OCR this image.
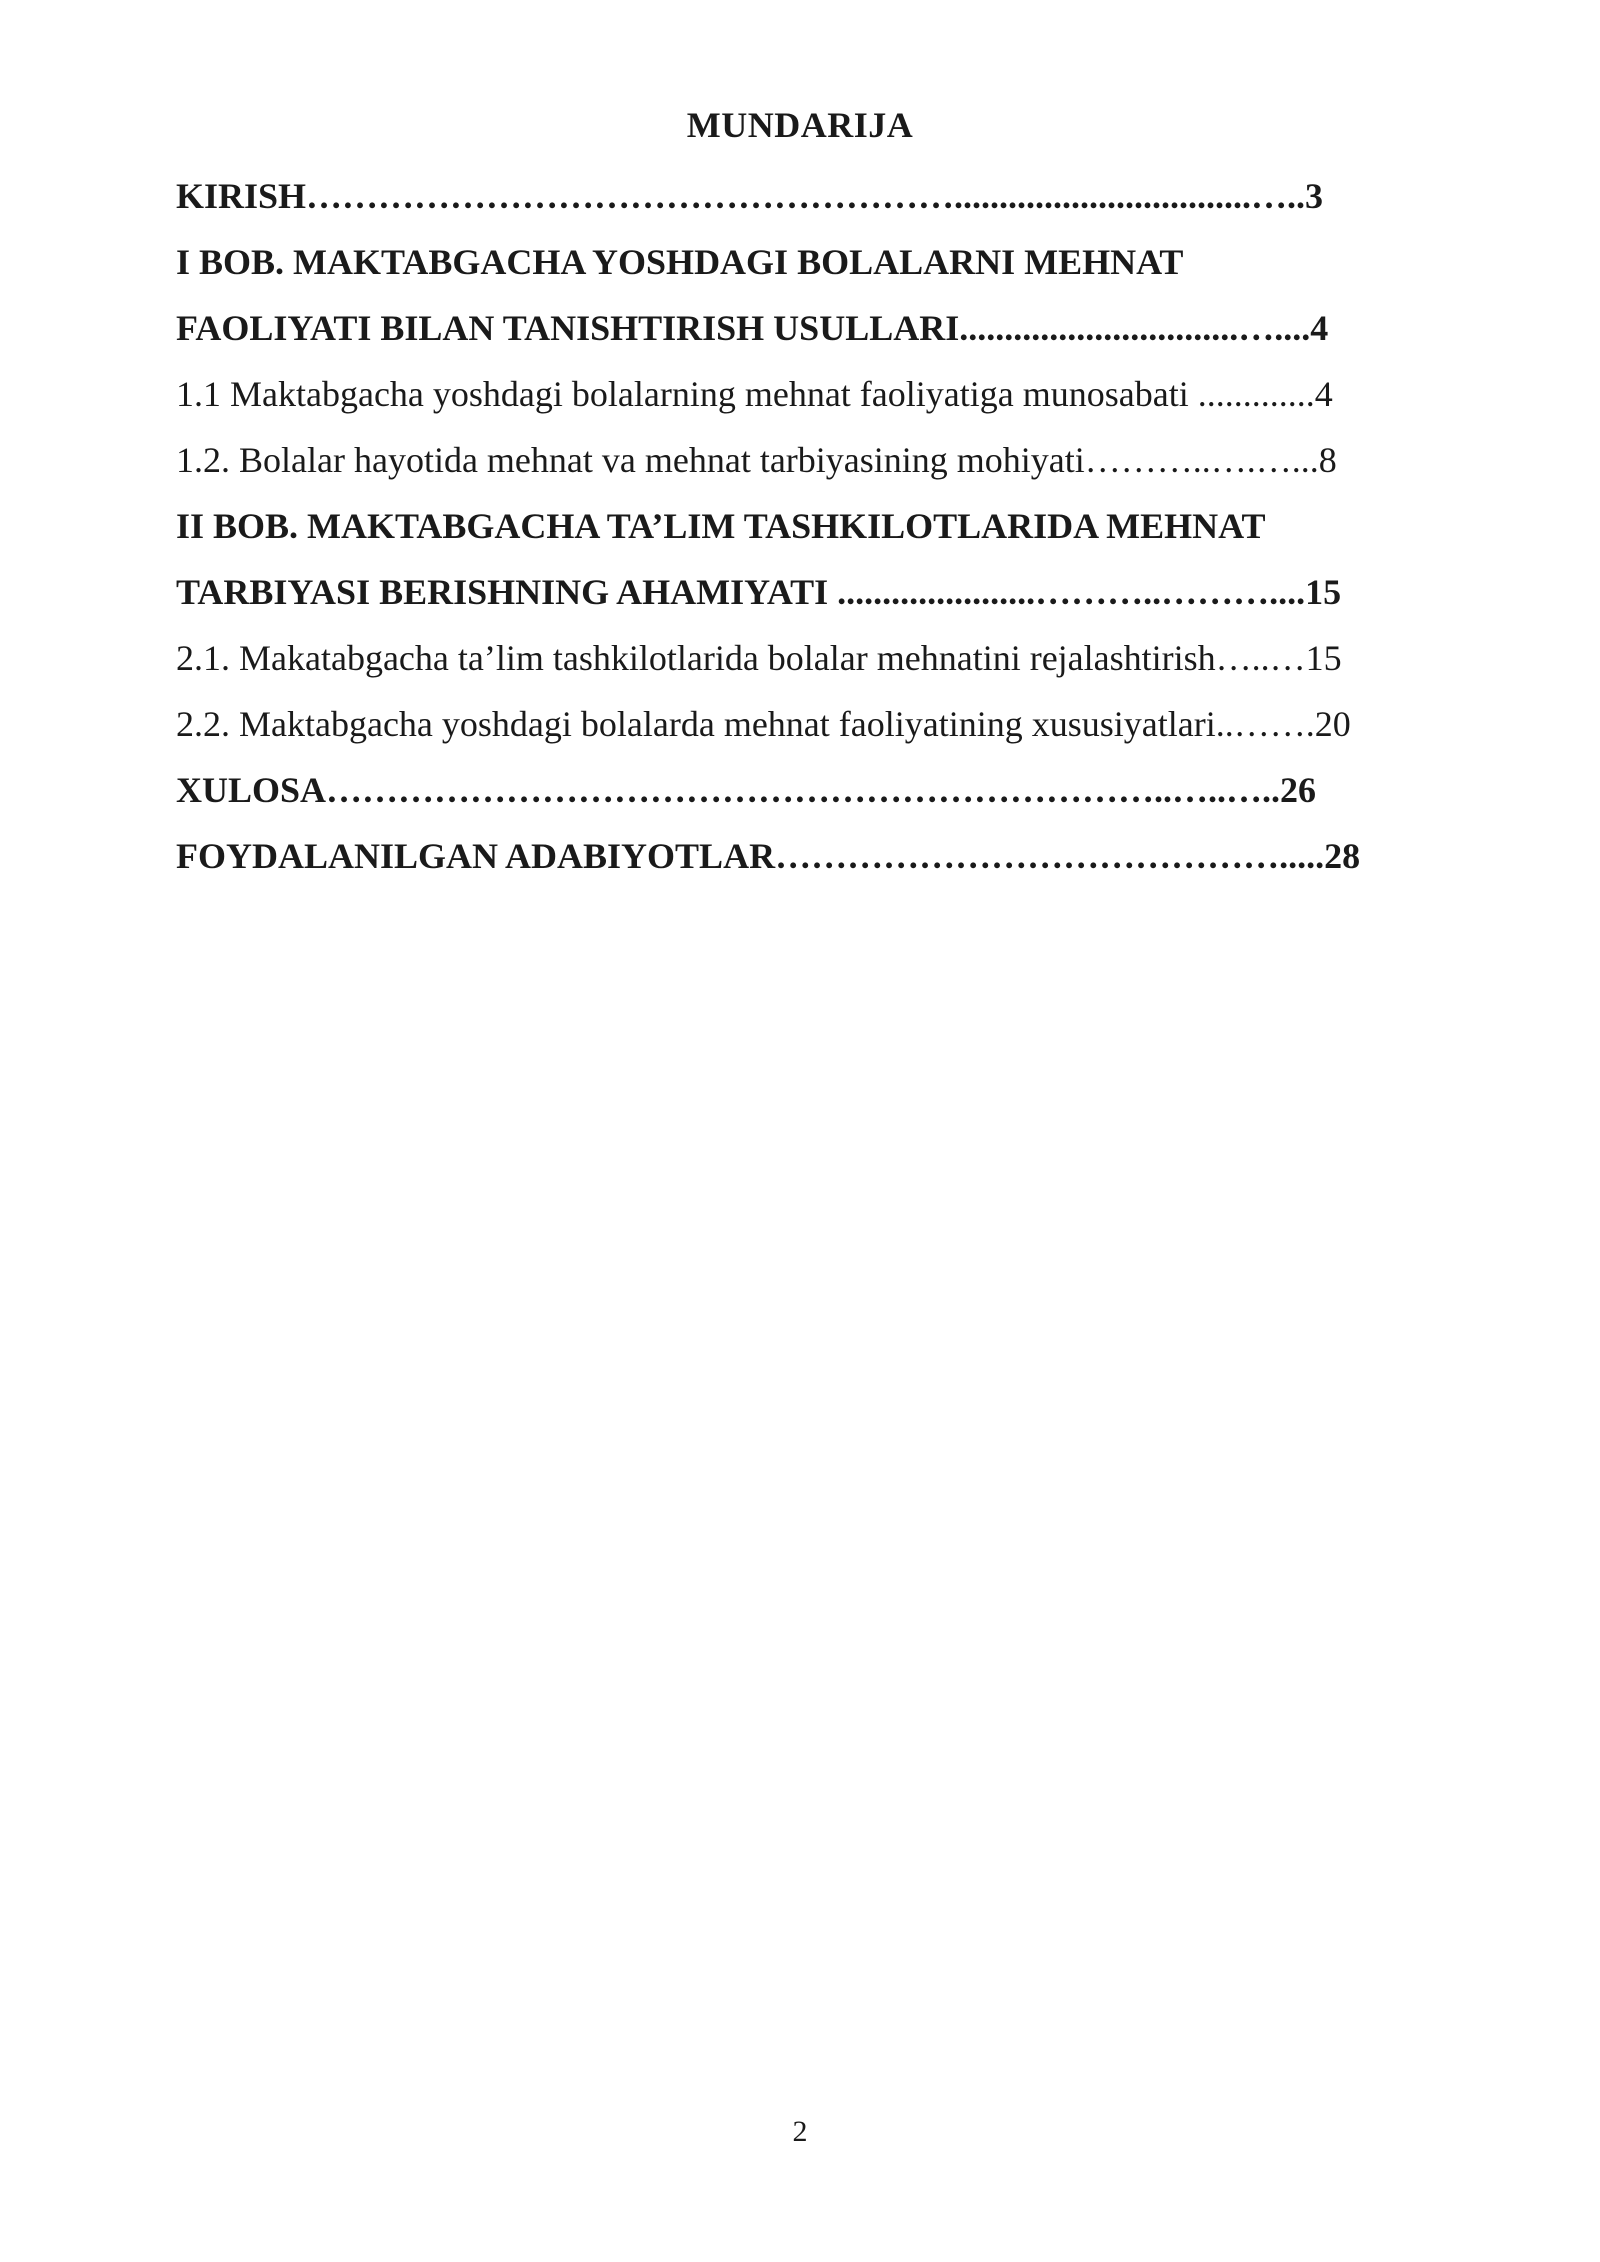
MUNDARIJA
KIRISH……………………………………………….................................…..3
I BOB. MAKTABGACHA YOSHDAGI BOLALARNI MEHNAT
FAOLIYATI BILAN TANISHTIRISH USULLARI...............................…....4
1.1 Maktabgacha yoshdagi bolalarning mehnat faoliyatiga munosabati .............4
1.2. Bolalar hayotida mehnat va mehnat tarbiyasining mohiyati………..….…...8
II BOB. MAKTABGACHA TA’LIM TASHKILOTLARIDA MEHNAT
TARBIYASI BERISHNING AHAMIYATI ......................………..………....15
2.1. Makatabgacha ta’lim tashkilotlarida bolalar mehnatini rejalashtirish…..…15
2.2. Maktabgacha yoshdagi bolalarda mehnat faoliyatining xususiyatlari..…….20
XULOSA……………………………………………………………..…..…..26
FOYDALANILGAN ADABIYOTLAR…………………………………….....28
2
